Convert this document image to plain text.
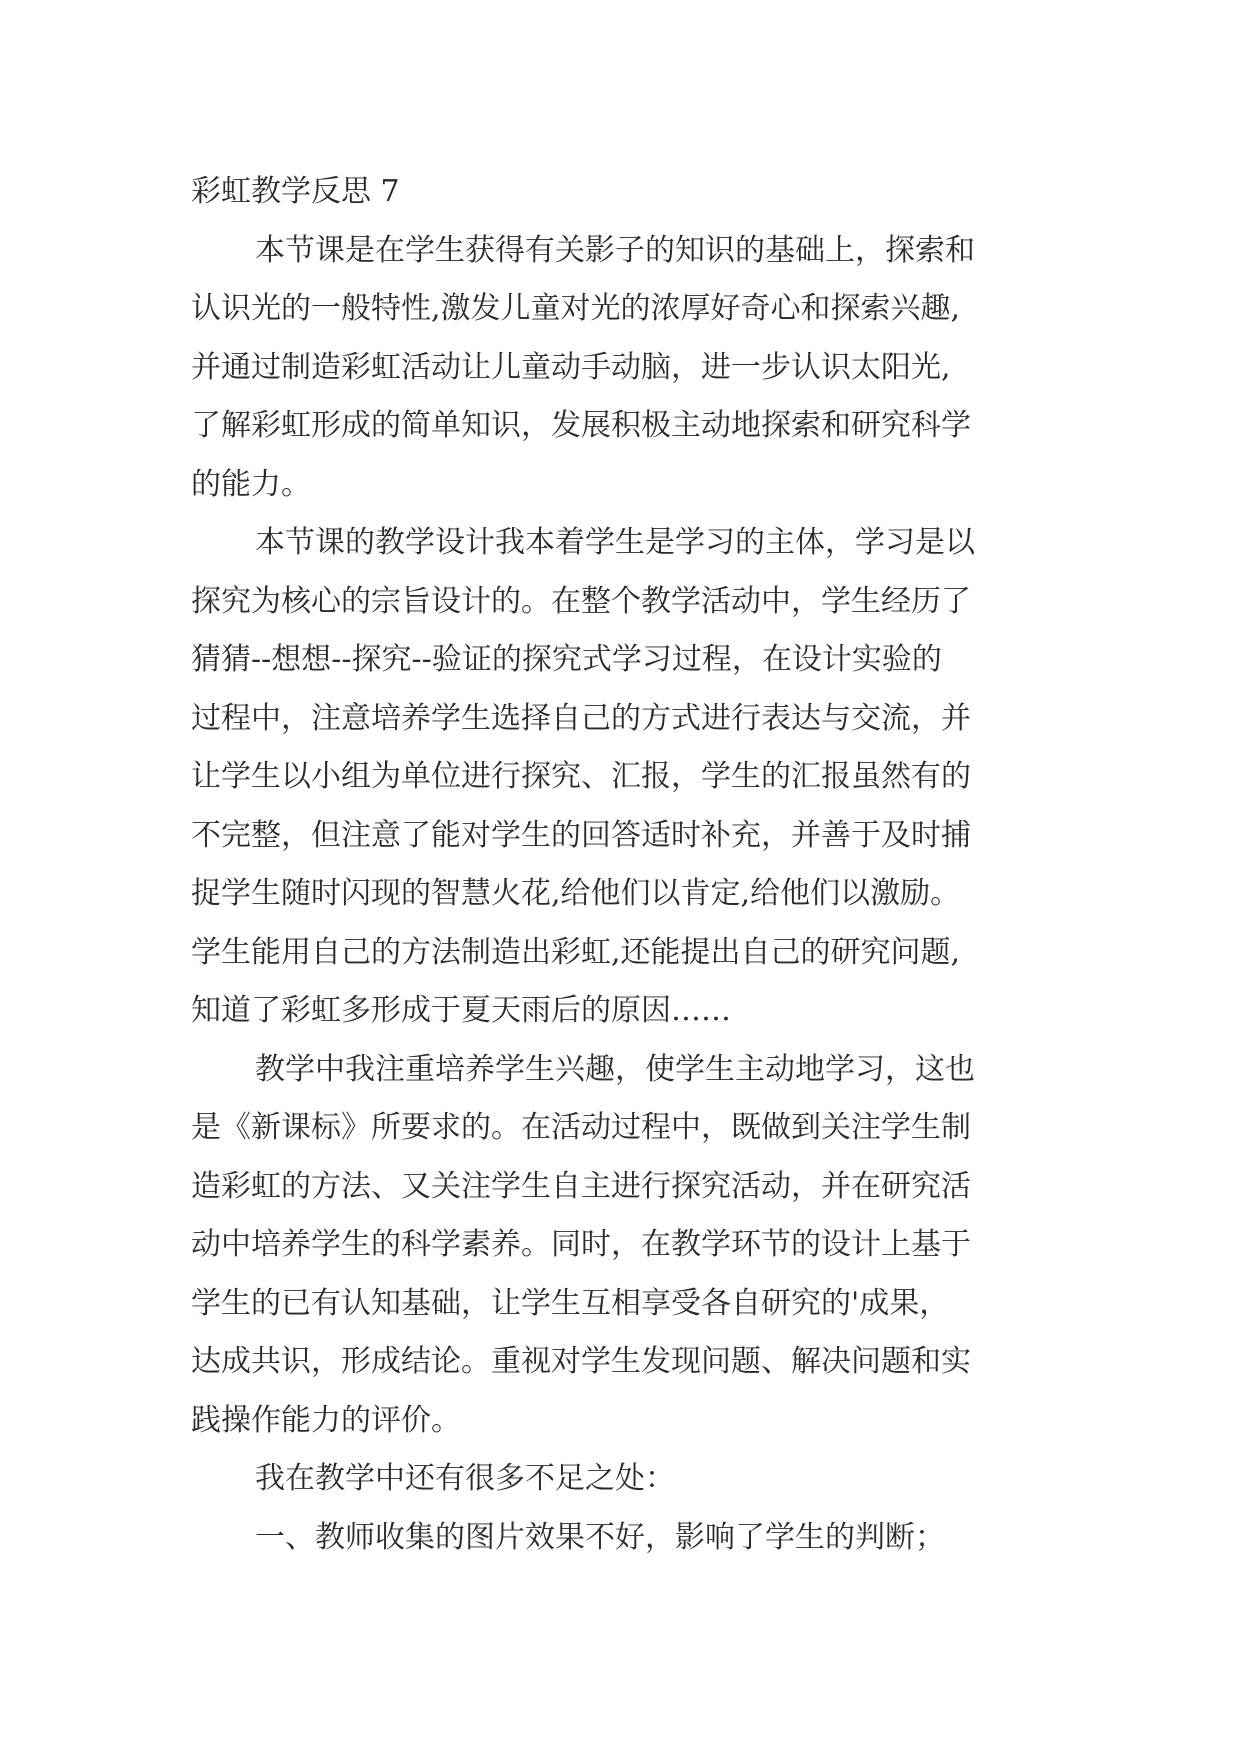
彩虹教学反思 7
本节课是在学生获得有关影子的知识的基础上，探索和
认识光的一般特性,激发儿童对光的浓厚好奇心和探索兴趣,
并通过制造彩虹活动让儿童动手动脑，进一步认识太阳光,
了解彩虹形成的简单知识，发展积极主动地探索和研究科学
的能力。
本节课的教学设计我本着学生是学习的主体，学习是以
探究为核心的宗旨设计的。在整个教学活动中，学生经历了
猜猜--想想--探究--验证的探究式学习过程，在设计实验的
过程中，注意培养学生选择自己的方式进行表达与交流，并
让学生以小组为单位进行探究、汇报，学生的汇报虽然有的
不完整，但注意了能对学生的回答适时补充，并善于及时捕
捉学生随时闪现的智慧火花,给他们以肯定,给他们以激励。
学生能用自己的方法制造出彩虹,还能提出自己的研究问题,
知道了彩虹多形成于夏天雨后的原因……
教学中我注重培养学生兴趣，使学生主动地学习，这也
是《新课标》所要求的。在活动过程中，既做到关注学生制
造彩虹的方法、又关注学生自主进行探究活动，并在研究活
动中培养学生的科学素养。同时，在教学环节的设计上基于
学生的已有认知基础，让学生互相享受各自研究的'成果，
达成共识，形成结论。重视对学生发现问题、解决问题和实
践操作能力的评价。
我在教学中还有很多不足之处：
一、教师收集的图片效果不好，影响了学生的判断；
